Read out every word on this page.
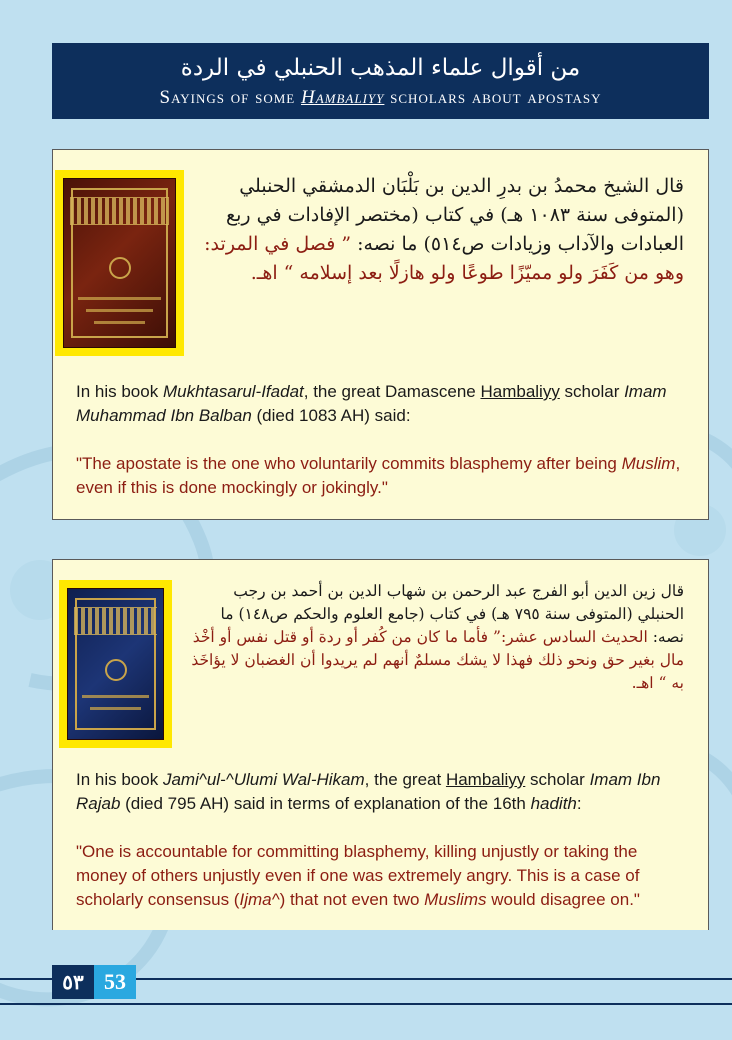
من أقوال علماء المذهب الحنبلي في الردة
Sayings of some Hambaliyy scholars about apostasy
قال الشيخ محمدُ بن بدرِ الدين بن بَلْبَان الدمشقي الحنبلي (المتوفى سنة ١٠٨٣ هـ) في كتاب (مختصر الإفادات في ربع العبادات والآداب وزيادات ص٥١٤) ما نصه: ” فصل في المرتد: وهو من كَفَرَ ولو مميّزًا طوعًا ولو هازلًا بعد إسلامه “ اهـ.
In his book Mukhtasarul-Ifadat, the great Damascene Hambaliyy scholar Imam Muhammad Ibn Balban (died 1083 AH) said:
"The apostate is the one who voluntarily commits blasphemy after being Muslim, even if this is done mockingly or jokingly."
قال زين الدين أبو الفرج عبد الرحمن بن شهاب الدين بن أحمد بن رجب الحنبلي (المتوفى سنة ٧٩٥ هـ) في كتاب (جامع العلوم والحكم ص١٤٨) ما نصه: الحديث السادس عشر:” فأما ما كان من كُفر أو ردة أو قتل نفس أو أخْذ مال بغير حق ونحو ذلك فهذا لا يشك مسلمٌ أنهم لم يريدوا أن الغضبان لا يؤاخَذ به “ اهـ.
In his book Jami^ul-^Ulumi Wal-Hikam, the great Hambaliyy scholar Imam Ibn Rajab (died 795 AH) said in terms of explanation of the 16th hadith:
"One is accountable for committing blasphemy, killing unjustly or taking the money of others unjustly even if one was extremely angry. This is a case of scholarly consensus (Ijma^) that not even two Muslims would disagree on."
٥٣ 53
